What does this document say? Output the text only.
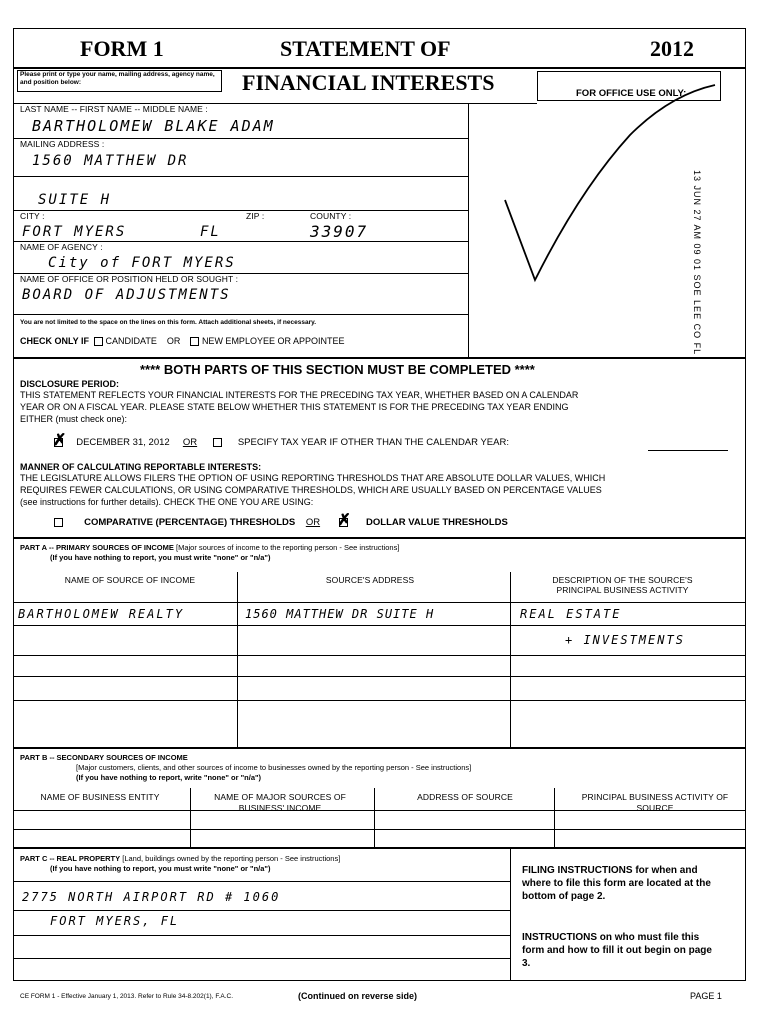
FORM 1	STATEMENT OF	2012
Please print or type your name, mailing address, agency name, and position below:	FINANCIAL INTERESTS	FOR OFFICE USE ONLY:
13 JUN 27 AM 09 01 SOE LEE CO FL
LAST NAME -- FIRST NAME -- MIDDLE NAME :
BARTHOLOMEW BLAKE ADAM
MAILING ADDRESS :
1560 MATTHEW DR
SUITE H
CITY :	ZIP :	COUNTY :
FORT MYERS	FL	33907
NAME OF AGENCY :
City of FORT MYERS
NAME OF OFFICE OR POSITION HELD OR SOUGHT :
BOARD OF ADJUSTMENTS
You are not limited to the space on the lines on this form. Attach additional sheets, if necessary.
CHECK ONLY IF CANDIDATE OR NEW EMPLOYEE OR APPOINTEE
**** BOTH PARTS OF THIS SECTION MUST BE COMPLETED ****
DISCLOSURE PERIOD:
THIS STATEMENT REFLECTS YOUR FINANCIAL INTERESTS FOR THE PRECEDING TAX YEAR, WHETHER BASED ON A CALENDAR
YEAR OR ON A FISCAL YEAR. PLEASE STATE BELOW WHETHER THIS STATEMENT IS FOR THE PRECEDING TAX YEAR ENDING
EITHER (must check one):
✗     DECEMBER 31, 2012 OR	SPECIFY TAX YEAR IF OTHER THAN THE CALENDAR YEAR:
MANNER OF CALCULATING REPORTABLE INTERESTS:
THE LEGISLATURE ALLOWS FILERS THE OPTION OF USING REPORTING THRESHOLDS THAT ARE ABSOLUTE DOLLAR VALUES, WHICH
REQUIRES FEWER CALCULATIONS, OR USING COMPARATIVE THRESHOLDS, WHICH ARE USUALLY BASED ON PERCENTAGE VALUES
(see instructions for further details). CHECK THE ONE YOU ARE USING:
COMPARATIVE (PERCENTAGE) THRESHOLDS OR       ✗	DOLLAR VALUE THRESHOLDS
PART A -- PRIMARY SOURCES OF INCOME [Major sources of income to the reporting person - See instructions]
(If you have nothing to report, you must write "none" or "n/a")
NAME OF SOURCE OF INCOME	SOURCE'S ADDRESS	DESCRIPTION OF THE SOURCE'S PRINCIPAL BUSINESS ACTIVITY
BARTHOLOMEW REALTY	1560 MATTHEW DR SUITE H	REAL ESTATE
+ INVESTMENTS
PART B -- SECONDARY SOURCES OF INCOME
[Major customers, clients, and other sources of income to businesses owned by the reporting person - See instructions]
(If you have nothing to report, write "none" or "n/a")
NAME OF BUSINESS ENTITY	NAME OF MAJOR SOURCES OF BUSINESS' INCOME
ADDRESS OF SOURCE	PRINCIPAL BUSINESS ACTIVITY OF SOURCE
PART C -- REAL PROPERTY [Land, buildings owned by the reporting person - See instructions]
(If you have nothing to report, you must write "none" or "n/a")
2775 NORTH AIRPORT RD # 1060
FORT MYERS, FL
FILING INSTRUCTIONS for when and where to file this form are located at the bottom of page 2.
INSTRUCTIONS on who must file this form and how to fill it out begin on page 3.
CE FORM 1 - Effective January 1, 2013. Refer to Rule 34-8.202(1), F.A.C.	(Continued on reverse side)	PAGE 1
